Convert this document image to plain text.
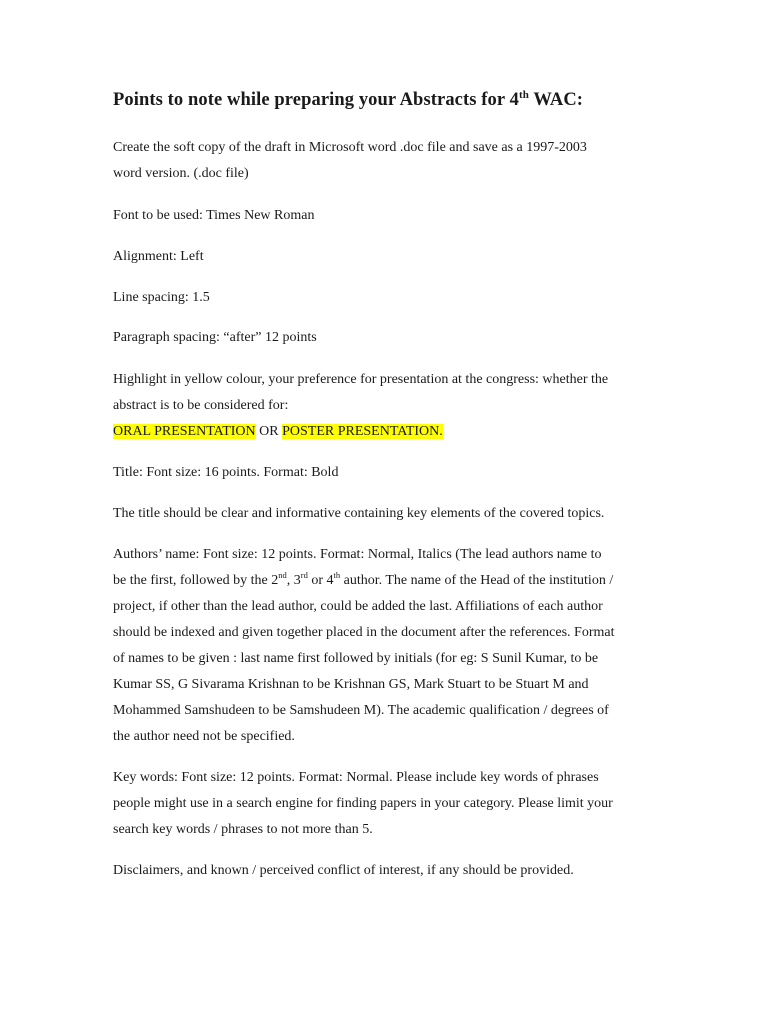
Points to note while preparing your Abstracts for 4th WAC:

Create the soft copy of the draft in Microsoft word .doc file and save as a 1997-2003
word version. (.doc file)

Font to be used: Times New Roman

Alignment: Left

Line spacing: 1.5

Paragraph spacing: “after” 12 points

Highlight in yellow colour, your preference for presentation at the congress: whether the
abstract is to be considered for:
ORAL PRESENTATION OR POSTER PRESENTATION.

Title: Font size: 16 points. Format: Bold

The title should be clear and informative containing key elements of the covered topics.

Authors’ name: Font size: 12 points. Format: Normal, Italics (The lead authors name to
be the first, followed by the 2nd, 3rd or 4th author. The name of the Head of the institution /
project, if other than the lead author, could be added the last. Affiliations of each author
should be indexed and given together placed in the document after the references. Format
of names to be given : last name first followed by initials (for eg: S Sunil Kumar, to be
Kumar SS, G Sivarama Krishnan to be Krishnan GS, Mark Stuart to be Stuart M and
Mohammed Samshudeen to be Samshudeen M). The academic qualification / degrees of
the author need not be specified.

Key words: Font size: 12 points. Format: Normal. Please include key words of phrases
people might use in a search engine for finding papers in your category. Please limit your
search key words / phrases to not more than 5.

Disclaimers, and known / perceived conflict of interest, if any should be provided.
